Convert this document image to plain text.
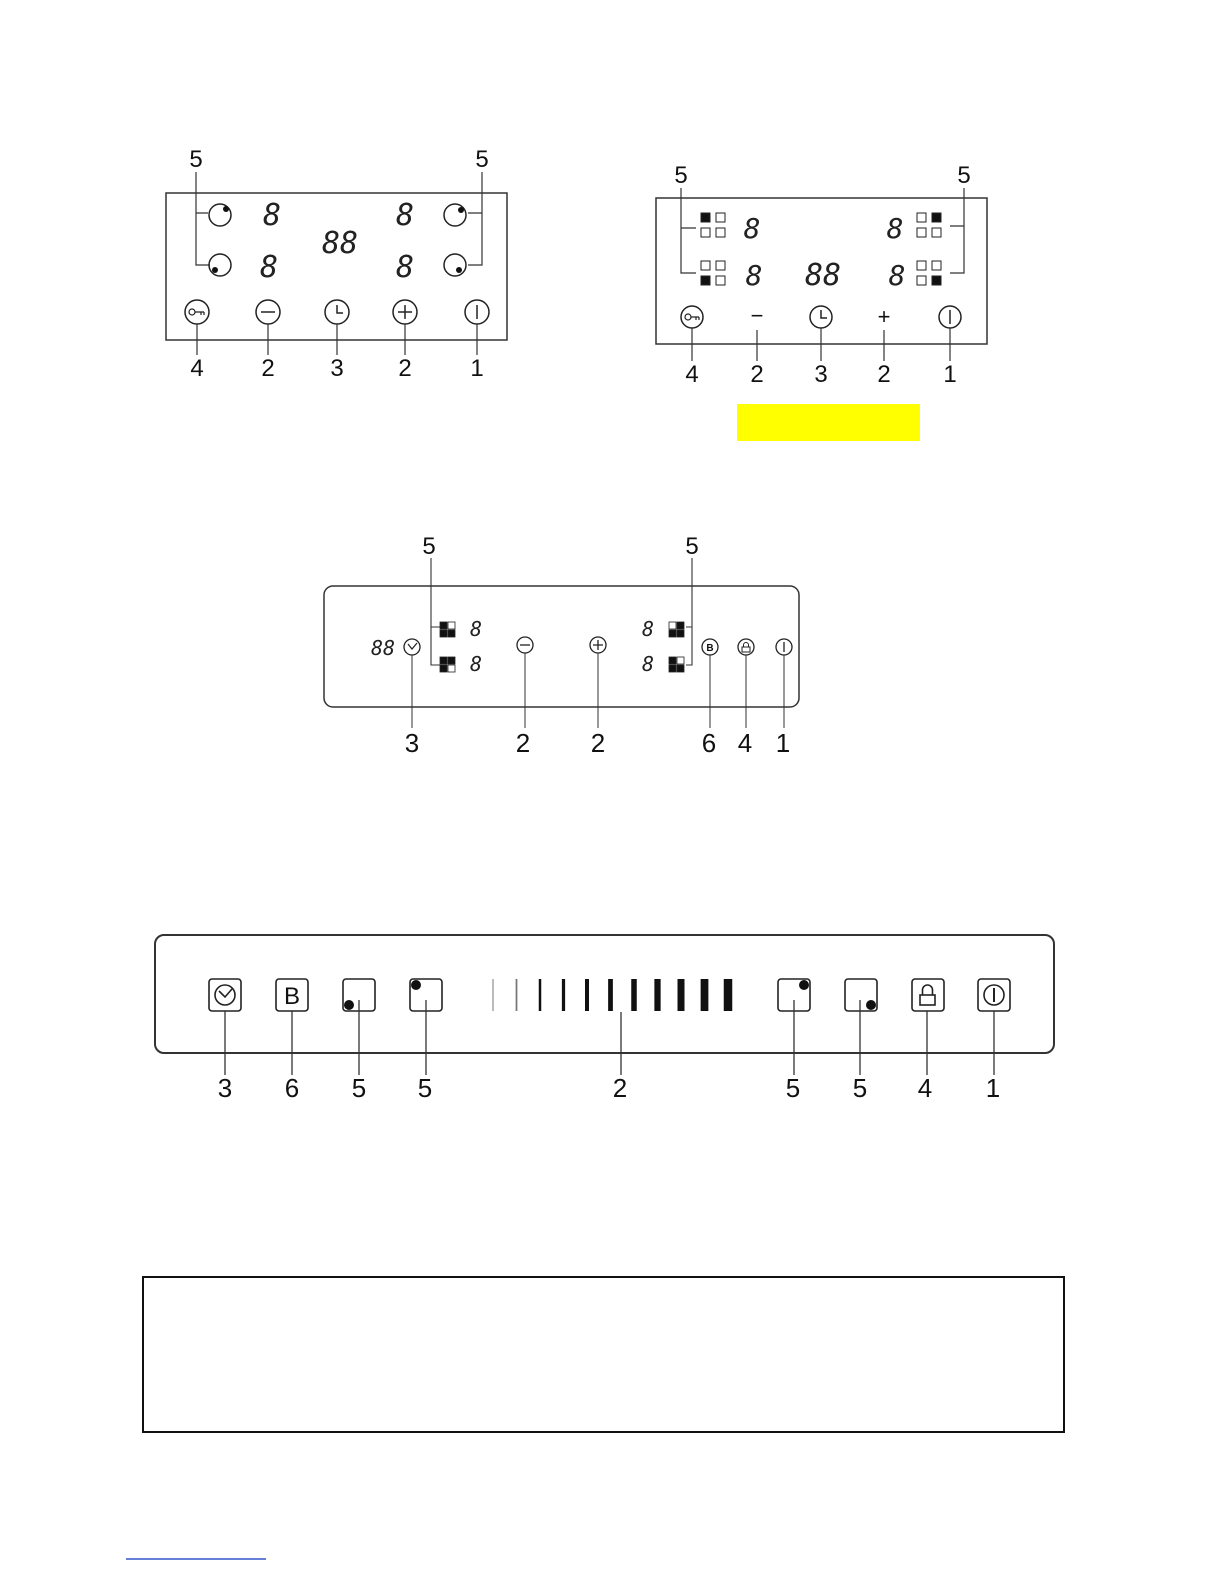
5	5
8
8
8
8
88
4 2 3 2 1
5	5
8
8
8
8
88
−	+
4 2 3 2 1
5	5
88
8
8
8
8
B
3	2 2	6 4 1
B
3 6 5 5	2	5 5 4 1
